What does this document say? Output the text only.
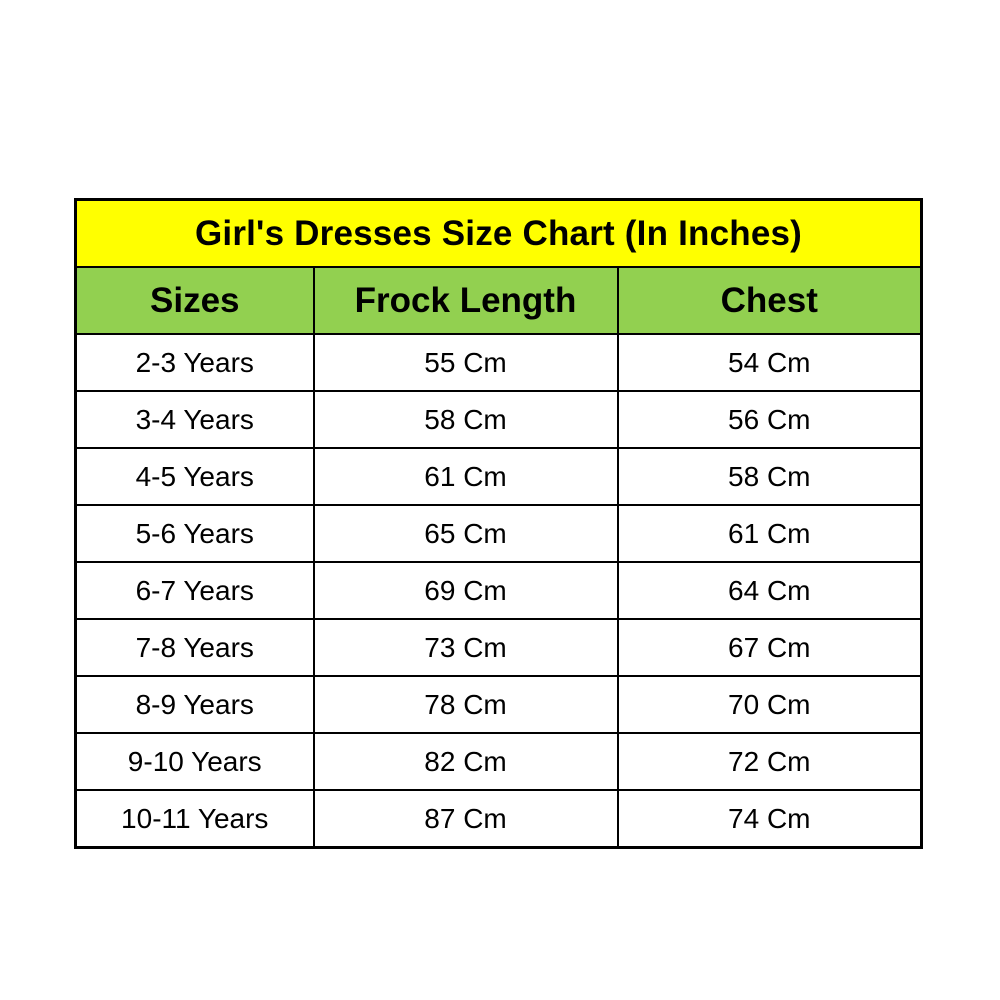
Girl's Dresses Size Chart (In Inches)		
Sizes	Frock Length	Chest
2-3 Years	55 Cm	54 Cm
3-4 Years	58 Cm	56 Cm
4-5 Years	61 Cm	58 Cm
5-6 Years	65 Cm	61 Cm
6-7 Years	69 Cm	64 Cm
7-8 Years	73 Cm	67 Cm
8-9 Years	78 Cm	70 Cm
9-10 Years	82 Cm	72 Cm
10-11 Years	87 Cm	74 Cm
